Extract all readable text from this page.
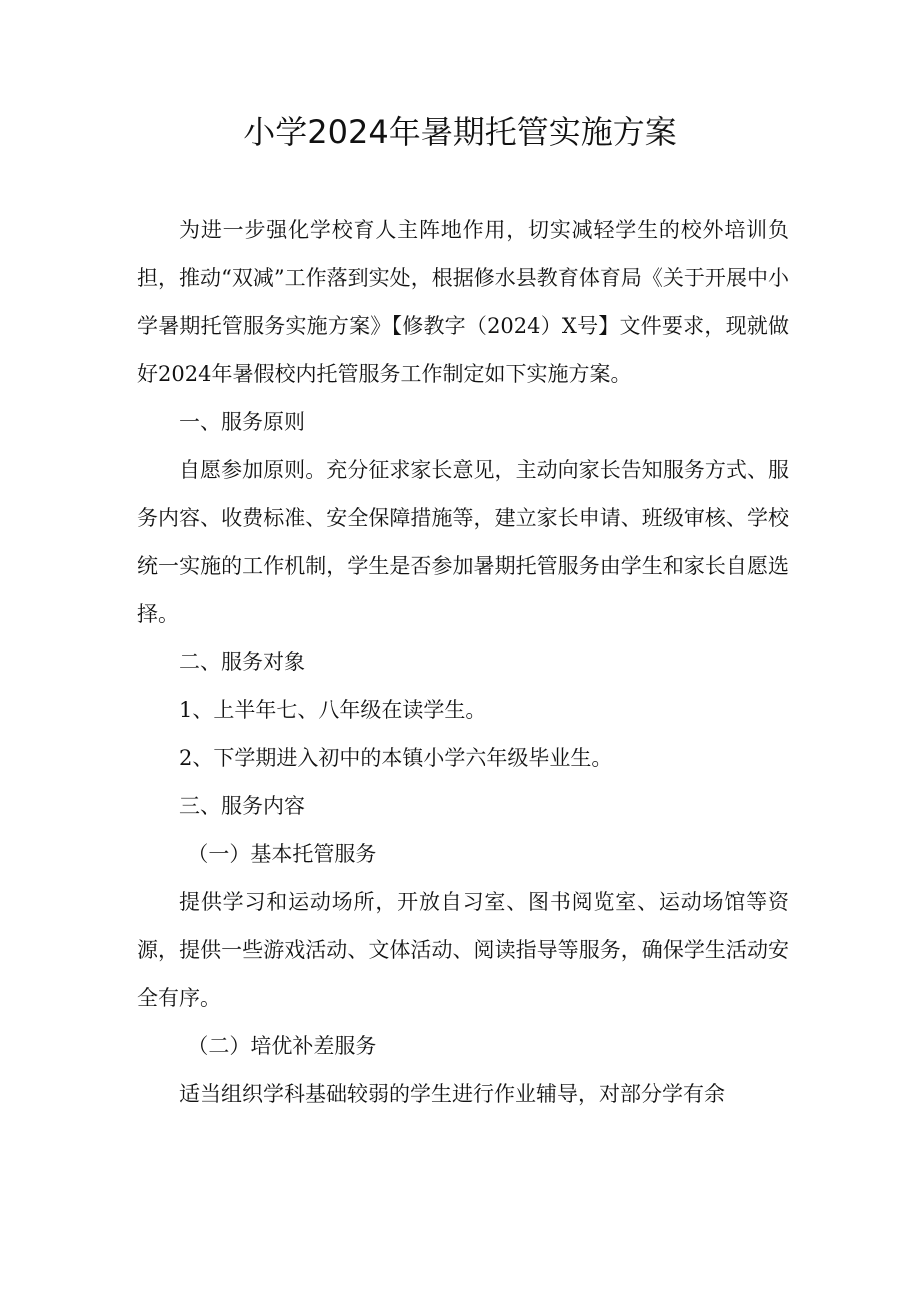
小学2024年暑期托管实施方案

为进一步强化学校育人主阵地作用，切实减轻学生的校外培训负担，推动“双减”工作落到实处，根据修水县教育体育局《关于开展中小学暑期托管服务实施方案》【修教字（2024）X号】文件要求，现就做好2024年暑假校内托管服务工作制定如下实施方案。

一、服务原则

自愿参加原则。充分征求家长意见，主动向家长告知服务方式、服务内容、收费标准、安全保障措施等，建立家长申请、班级审核、学校统一实施的工作机制，学生是否参加暑期托管服务由学生和家长自愿选择。

二、服务对象

1、上半年七、八年级在读学生。

2、下学期进入初中的本镇小学六年级毕业生。

三、服务内容

（一）基本托管服务

提供学习和运动场所，开放自习室、图书阅览室、运动场馆等资源，提供一些游戏活动、文体活动、阅读指导等服务，确保学生活动安全有序。

（二）培优补差服务

适当组织学科基础较弱的学生进行作业辅导，对部分学有余
